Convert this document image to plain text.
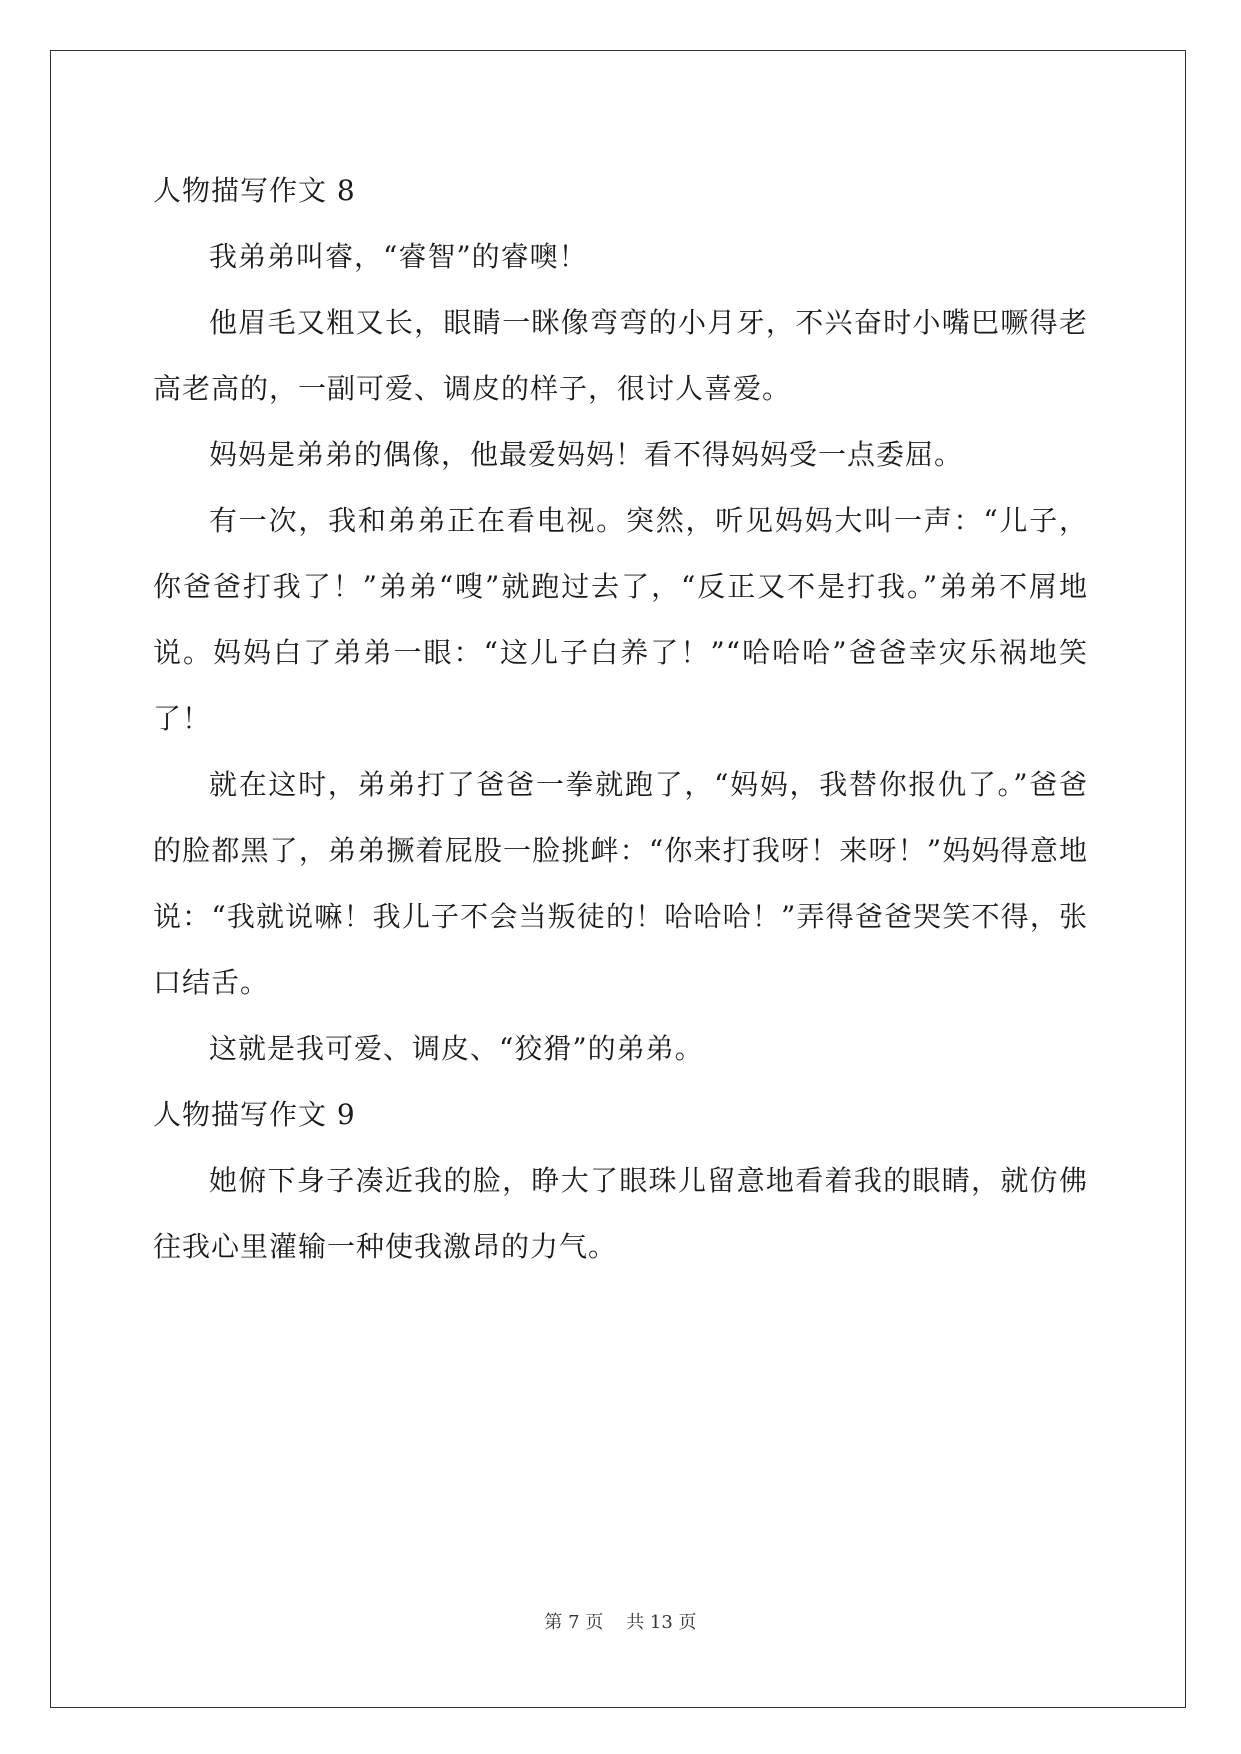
人物描写作文 8

我弟弟叫睿，“睿智”的睿噢！

他眉毛又粗又长，眼睛一眯像弯弯的小月牙，不兴奋时小嘴巴噘得老高老高的，一副可爱、调皮的样子，很讨人喜爱。

妈妈是弟弟的偶像，他最爱妈妈！看不得妈妈受一点委屈。

有一次，我和弟弟正在看电视。突然，听见妈妈大叫一声：“儿子，你爸爸打我了！”弟弟“嗖”就跑过去了，“反正又不是打我。”弟弟不屑地说。妈妈白了弟弟一眼：“这儿子白养了！”“哈哈哈”爸爸幸灾乐祸地笑了！

就在这时，弟弟打了爸爸一拳就跑了，“妈妈，我替你报仇了。”爸爸的脸都黑了，弟弟撅着屁股一脸挑衅：“你来打我呀！来呀！”妈妈得意地说：“我就说嘛！我儿子不会当叛徒的！哈哈哈！”弄得爸爸哭笑不得，张口结舌。

这就是我可爱、调皮、“狡猾”的弟弟。

人物描写作文 9

她俯下身子凑近我的脸，睁大了眼珠儿留意地看着我的眼睛，就仿佛往我心里灌输一种使我激昂的力气。

第 7 页    共 13 页
